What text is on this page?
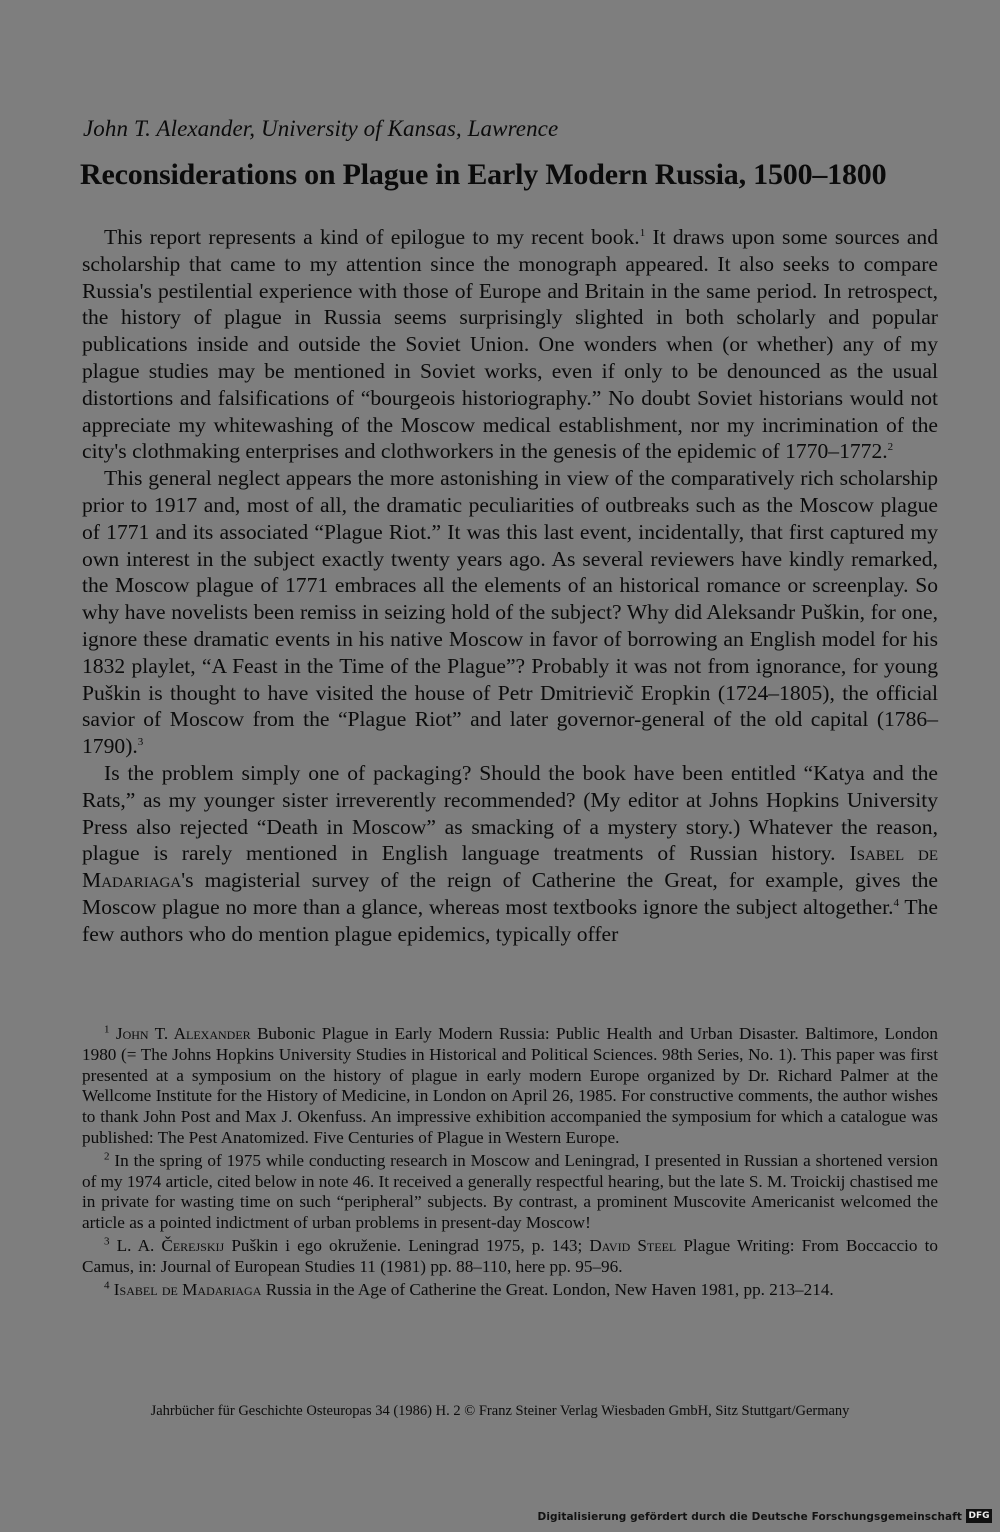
John T. Alexander, University of Kansas, Lawrence
Reconsiderations on Plague in Early Modern Russia, 1500–1800

This report represents a kind of epilogue to my recent book.$^1$ It draws upon some sources and scholarship that came to my attention since the monograph appeared. It also seeks to compare Russia's pestilential experience with those of Europe and Britain in the same period. In retrospect, the history of plague in Russia seems surprisingly slighted in both scholarly and popular publications inside and outside the Soviet Union. One wonders when (or whether) any of my plague studies may be mentioned in Soviet works, even if only to be denounced as the usual distortions and falsifications of “bourgeois historiography.” No doubt Soviet historians would not appreciate my whitewashing of the Moscow medical establishment, nor my incrimination of the city's clothmaking enterprises and clothworkers in the genesis of the epidemic of 1770–1772.$^2$

This general neglect appears the more astonishing in view of the comparatively rich scholarship prior to 1917 and, most of all, the dramatic peculiarities of outbreaks such as the Moscow plague of 1771 and its associated “Plague Riot.” It was this last event, incidentally, that first captured my own interest in the subject exactly twenty years ago. As several reviewers have kindly remarked, the Moscow plague of 1771 embraces all the elements of an historical romance or screenplay. So why have novelists been remiss in seizing hold of the subject? Why did Aleksandr Puškin, for one, ignore these dramatic events in his native Moscow in favor of borrowing an English model for his 1832 playlet, “A Feast in the Time of the Plague”? Probably it was not from ignorance, for young Puškin is thought to have visited the house of Petr Dmitrievič Eropkin (1724–1805), the official savior of Moscow from the “Plague Riot” and later governor-general of the old capital (1786–1790).$^3$

Is the problem simply one of packaging? Should the book have been entitled “Katya and the Rats,” as my younger sister irreverently recommended? (My editor at Johns Hopkins University Press also rejected “Death in Moscow” as smacking of a mystery story.) Whatever the reason, plague is rarely mentioned in English language treatments of Russian history. Isabel de Madariaga's magisterial survey of the reign of Catherine the Great, for example, gives the Moscow plague no more than a glance, whereas most textbooks ignore the subject altogether.$^4$ The few authors who do mention plague epidemics, typically offer

$^1$ John T. Alexander Bubonic Plague in Early Modern Russia: Public Health and Urban Disaster. Baltimore, London 1980 (= The Johns Hopkins University Studies in Historical and Political Sciences. 98th Series, No. 1). This paper was first presented at a symposium on the history of plague in early modern Europe organized by Dr. Richard Palmer at the Wellcome Institute for the History of Medicine, in London on April 26, 1985. For constructive comments, the author wishes to thank John Post and Max J. Okenfuss. An impressive exhibition accompanied the symposium for which a catalogue was published: The Pest Anatomized. Five Centuries of Plague in Western Europe.

$^2$ In the spring of 1975 while conducting research in Moscow and Leningrad, I presented in Russian a shortened version of my 1974 article, cited below in note 46. It received a generally respectful hearing, but the late S. M. Troickij chastised me in private for wasting time on such “peripheral” subjects. By contrast, a prominent Muscovite Americanist welcomed the article as a pointed indictment of urban problems in present-day Moscow!

$^3$ L. A. Čerejskij Puškin i ego okruženie. Leningrad 1975, p. 143; David Steel Plague Writing: From Boccaccio to Camus, in: Journal of European Studies 11 (1981) pp. 88–110, here pp. 95–96.

$^4$ Isabel de Madariaga Russia in the Age of Catherine the Great. London, New Haven 1981, pp. 213–214.

Jahrbücher für Geschichte Osteuropas 34 (1986) H. 2 © Franz Steiner Verlag Wiesbaden GmbH, Sitz Stuttgart/Germany
Digitalisierung gefördert durch die Deutsche Forschungsgemeinschaft DFG
